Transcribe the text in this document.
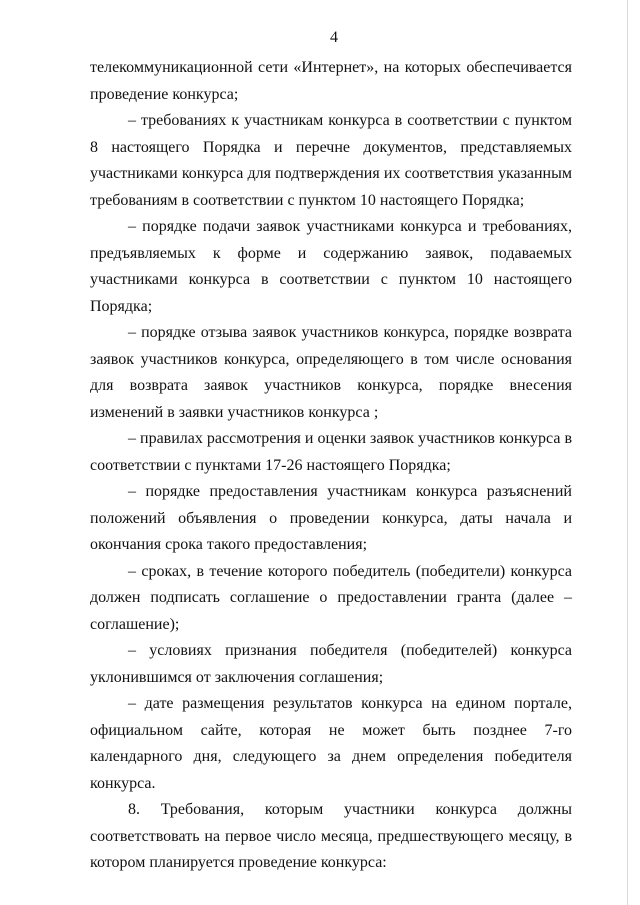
4

телекоммуникационной сети «Интернет», на которых обеспечивается проведение конкурса;

– требованиях к участникам конкурса в соответствии с пунктом 8 настоящего Порядка и перечне документов, представляемых участниками конкурса для подтверждения их соответствия указанным требованиям в соответствии с пунктом 10 настоящего Порядка;

– порядке подачи заявок участниками конкурса и требованиях, предъявляемых к форме и содержанию заявок, подаваемых участниками конкурса в соответствии с пунктом 10 настоящего Порядка;

– порядке отзыва заявок участников конкурса, порядке возврата заявок участников конкурса, определяющего в том числе основания для возврата заявок участников конкурса, порядке внесения изменений в заявки участников конкурса ;

– правилах рассмотрения и оценки заявок участников конкурса в соответствии с пунктами 17-26 настоящего Порядка;

– порядке предоставления участникам конкурса разъяснений положений объявления о проведении конкурса, даты начала и окончания срока такого предоставления;

– сроках, в течение которого победитель (победители) конкурса должен подписать соглашение о предоставлении гранта (далее – соглашение);

– условиях признания победителя (победителей) конкурса уклонившимся от заключения соглашения;

– дате размещения результатов конкурса на едином портале, официальном сайте, которая не может быть позднее 7-го календарного дня, следующего за днем определения победителя конкурса.

8. Требования, которым участники конкурса должны соответствовать на первое число месяца, предшествующего месяцу, в котором планируется проведение конкурса:
